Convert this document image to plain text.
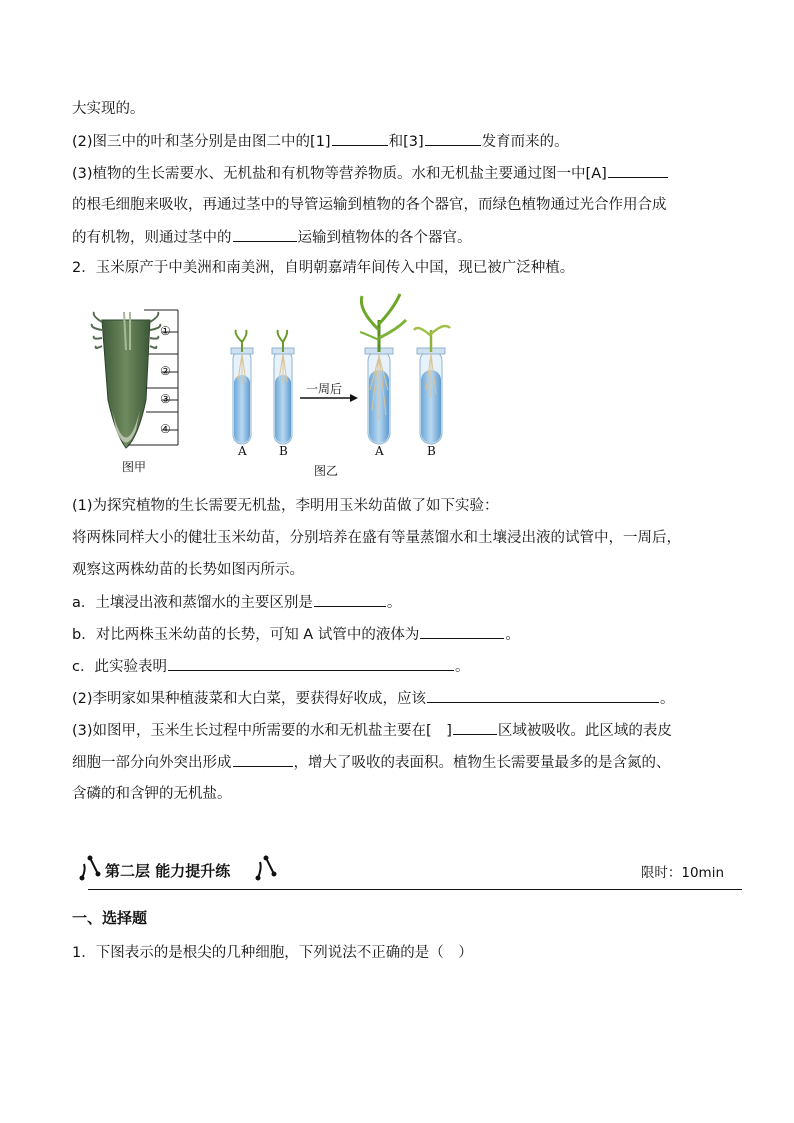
大实现的。
(2)图三中的叶和茎分别是由图二中的[1]	和[3]	发育而来的。
(3)植物的生长需要水、无机盐和有机物等营养物质。水和无机盐主要通过图一中[A]
的根毛细胞来吸收，再通过茎中的导管运输到植物的各个器官，而绿色植物通过光合作用合成
的有机物，则通过茎中的	运输到植物体的各个器官。
2．玉米原产于中美洲和南美洲，自明朝嘉靖年间传入中国，现已被广泛种植。
①
②
③
④
一周后
A	B	A	B
图甲	图乙
(1)为探究植物的生长需要无机盐，李明用玉米幼苗做了如下实验：
将两株同样大小的健壮玉米幼苗，分别培养在盛有等量蒸馏水和土壤浸出液的试管中，一周后，
观察这两株幼苗的长势如图丙所示。
a．土壤浸出液和蒸馏水的主要区别是	。
b．对比两株玉米幼苗的长势，可知 A 试管中的液体为	。
c．此实验表明	。
(2)李明家如果种植菠菜和大白菜，要获得好收成，应该	。
(3)如图甲，玉米生长过程中所需要的水和无机盐主要在[　]	区域被吸收。此区域的表皮
细胞一部分向外突出形成	，增大了吸收的表面积。植物生长需要量最多的是含氮的、
含磷的和含钾的无机盐。
第二层 能力提升练	限时：10min
一、选择题
1．下图表示的是根尖的几种细胞，下列说法不正确的是（　）
